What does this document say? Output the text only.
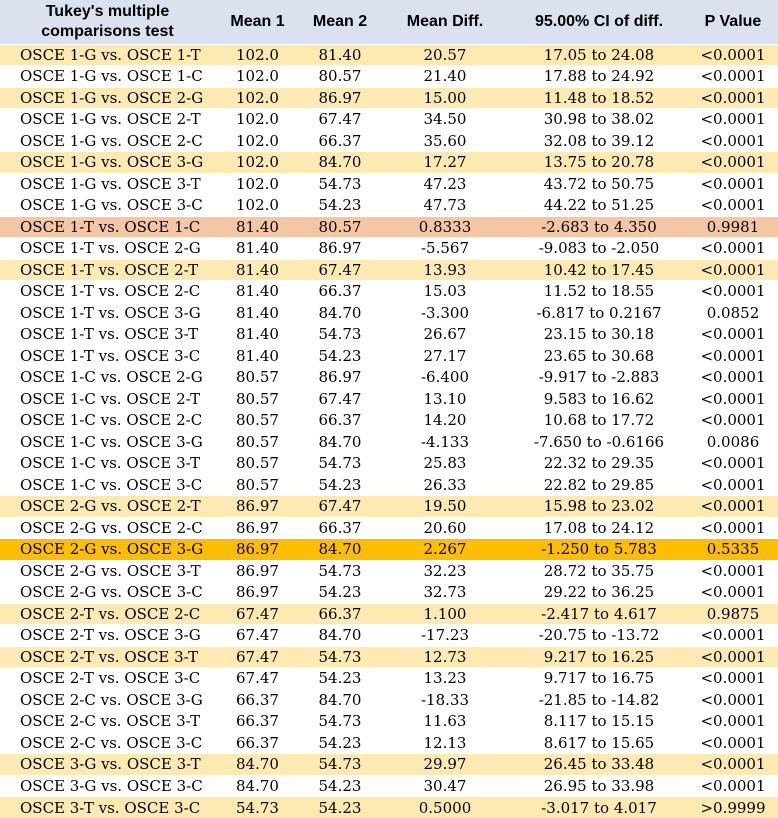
Tukey's multiple comparisons test	Mean 1	Mean 2	Mean Diff.	95.00% CI of diff.	P Value
OSCE 1-G vs. OSCE 1-T	102.0	81.40	20.57	17.05 to 24.08	<0.0001
OSCE 1-G vs. OSCE 1-C	102.0	80.57	21.40	17.88 to 24.92	<0.0001
OSCE 1-G vs. OSCE 2-G	102.0	86.97	15.00	11.48 to 18.52	<0.0001
OSCE 1-G vs. OSCE 2-T	102.0	67.47	34.50	30.98 to 38.02	<0.0001
OSCE 1-G vs. OSCE 2-C	102.0	66.37	35.60	32.08 to 39.12	<0.0001
OSCE 1-G vs. OSCE 3-G	102.0	84.70	17.27	13.75 to 20.78	<0.0001
OSCE 1-G vs. OSCE 3-T	102.0	54.73	47.23	43.72 to 50.75	<0.0001
OSCE 1-G vs. OSCE 3-C	102.0	54.23	47.73	44.22 to 51.25	<0.0001
OSCE 1-T vs. OSCE 1-C	81.40	80.57	0.8333	-2.683 to 4.350	0.9981
OSCE 1-T vs. OSCE 2-G	81.40	86.97	-5.567	-9.083 to -2.050	<0.0001
OSCE 1-T vs. OSCE 2-T	81.40	67.47	13.93	10.42 to 17.45	<0.0001
OSCE 1-T vs. OSCE 2-C	81.40	66.37	15.03	11.52 to 18.55	<0.0001
OSCE 1-T vs. OSCE 3-G	81.40	84.70	-3.300	-6.817 to 0.2167	0.0852
OSCE 1-T vs. OSCE 3-T	81.40	54.73	26.67	23.15 to 30.18	<0.0001
OSCE 1-T vs. OSCE 3-C	81.40	54.23	27.17	23.65 to 30.68	<0.0001
OSCE 1-C vs. OSCE 2-G	80.57	86.97	-6.400	-9.917 to -2.883	<0.0001
OSCE 1-C vs. OSCE 2-T	80.57	67.47	13.10	9.583 to 16.62	<0.0001
OSCE 1-C vs. OSCE 2-C	80.57	66.37	14.20	10.68 to 17.72	<0.0001
OSCE 1-C vs. OSCE 3-G	80.57	84.70	-4.133	-7.650 to -0.6166	0.0086
OSCE 1-C vs. OSCE 3-T	80.57	54.73	25.83	22.32 to 29.35	<0.0001
OSCE 1-C vs. OSCE 3-C	80.57	54.23	26.33	22.82 to 29.85	<0.0001
OSCE 2-G vs. OSCE 2-T	86.97	67.47	19.50	15.98 to 23.02	<0.0001
OSCE 2-G vs. OSCE 2-C	86.97	66.37	20.60	17.08 to 24.12	<0.0001
OSCE 2-G vs. OSCE 3-G	86.97	84.70	2.267	-1.250 to 5.783	0.5335
OSCE 2-G vs. OSCE 3-T	86.97	54.73	32.23	28.72 to 35.75	<0.0001
OSCE 2-G vs. OSCE 3-C	86.97	54.23	32.73	29.22 to 36.25	<0.0001
OSCE 2-T vs. OSCE 2-C	67.47	66.37	1.100	-2.417 to 4.617	0.9875
OSCE 2-T vs. OSCE 3-G	67.47	84.70	-17.23	-20.75 to -13.72	<0.0001
OSCE 2-T vs. OSCE 3-T	67.47	54.73	12.73	9.217 to 16.25	<0.0001
OSCE 2-T vs. OSCE 3-C	67.47	54.23	13.23	9.717 to 16.75	<0.0001
OSCE 2-C vs. OSCE 3-G	66.37	84.70	-18.33	-21.85 to -14.82	<0.0001
OSCE 2-C vs. OSCE 3-T	66.37	54.73	11.63	8.117 to 15.15	<0.0001
OSCE 2-C vs. OSCE 3-C	66.37	54.23	12.13	8.617 to 15.65	<0.0001
OSCE 3-G vs. OSCE 3-T	84.70	54.73	29.97	26.45 to 33.48	<0.0001
OSCE 3-G vs. OSCE 3-C	84.70	54.23	30.47	26.95 to 33.98	<0.0001
OSCE 3-T vs. OSCE 3-C	54.73	54.23	0.5000	-3.017 to 4.017	>0.9999
